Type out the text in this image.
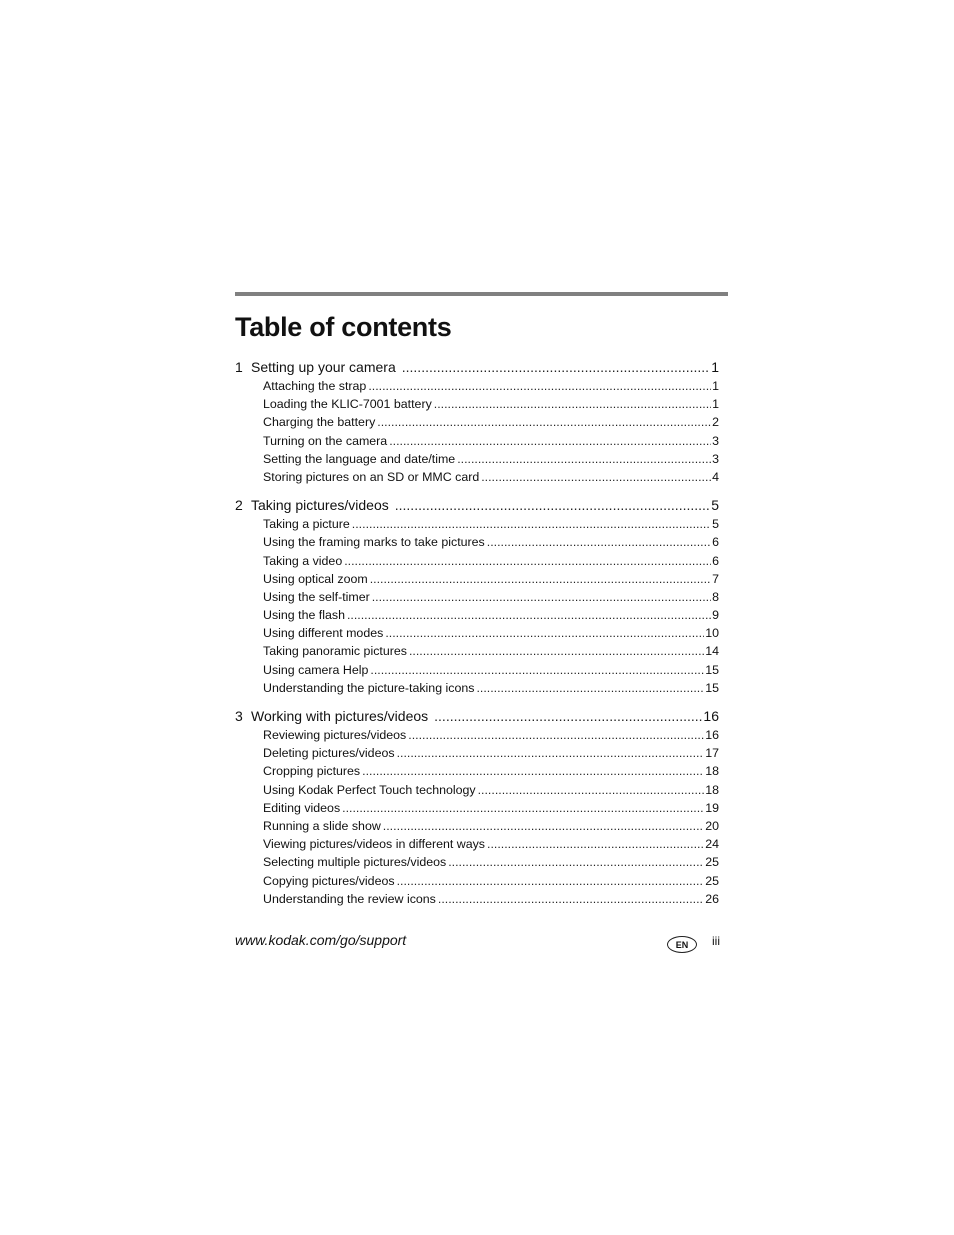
Table of contents
1 Setting up your camera .....	1
Attaching the strap .....	1
Loading the KLIC-7001 battery .....	1
Charging the battery .....	2
Turning on the camera .....	3
Setting the language and date/time .....	3
Storing pictures on an SD or MMC card .....	4
2 Taking pictures/videos .....	5
Taking a picture .....	5
Using the framing marks to take pictures .....	6
Taking a video .....	6
Using optical zoom .....	7
Using the self-timer .....	8
Using the flash .....	9
Using different modes .....	10
Taking panoramic pictures .....	14
Using camera Help .....	15
Understanding the picture-taking icons .....	15
3 Working with pictures/videos .....	16
Reviewing pictures/videos .....	16
Deleting pictures/videos .....	17
Cropping pictures .....	18
Using Kodak Perfect Touch technology .....	18
Editing videos .....	19
Running a slide show .....	20
Viewing pictures/videos in different ways .....	24
Selecting multiple pictures/videos .....	25
Copying pictures/videos .....	25
Understanding the review icons .....	26
www.kodak.com/go/support	EN	iii
